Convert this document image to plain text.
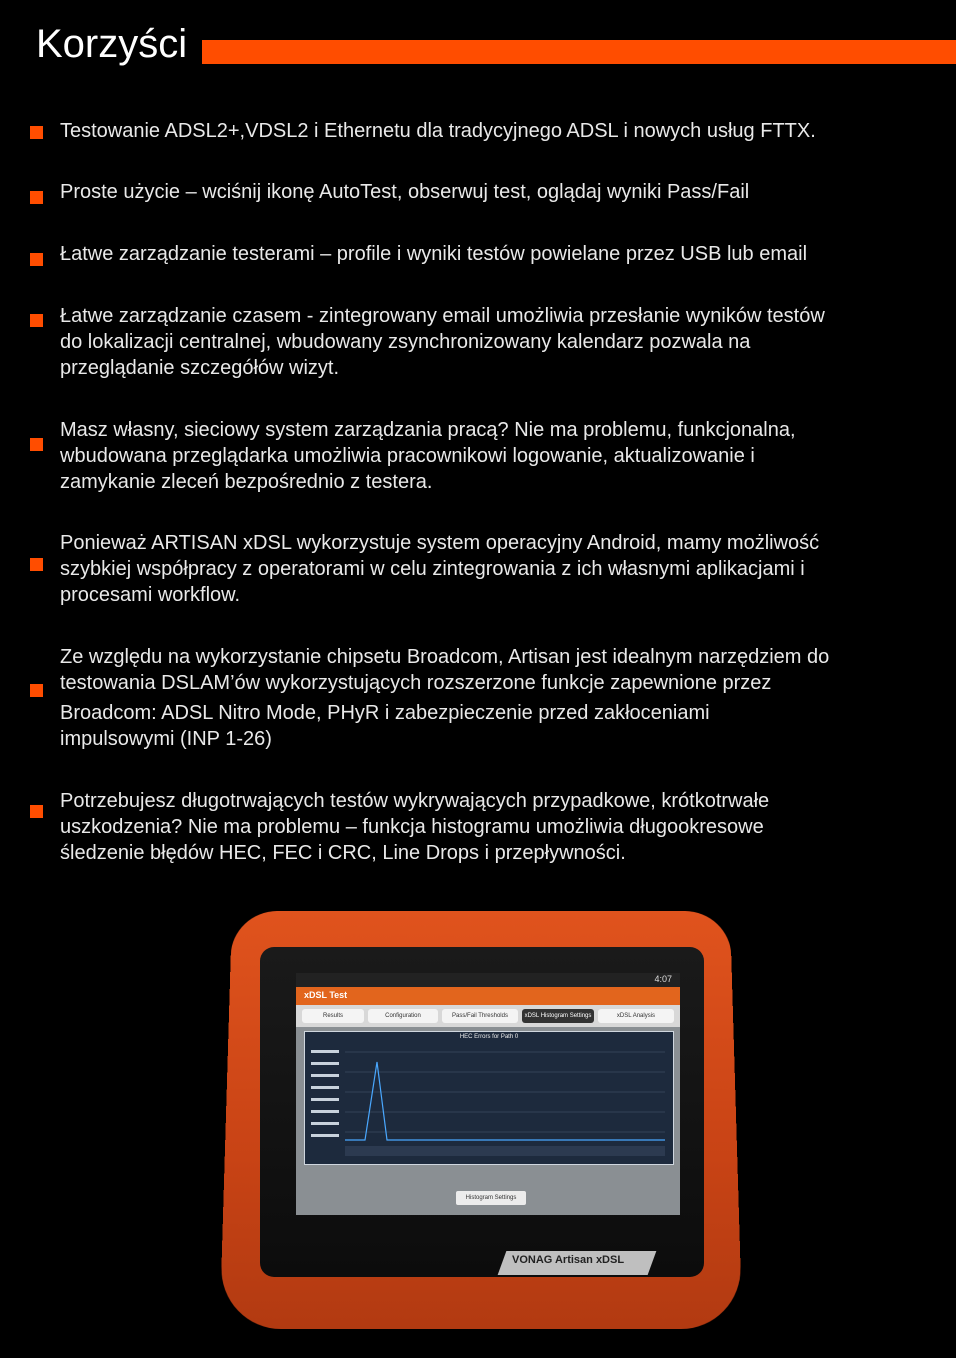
Korzyści
Testowanie ADSL2+,VDSL2 i Ethernetu dla tradycyjnego ADSL i nowych usług FTTX.
Proste użycie – wciśnij ikonę AutoTest, obserwuj test, oglądaj wyniki Pass/Fail
Łatwe zarządzanie testerami – profile i wyniki testów powielane przez USB lub email
Łatwe zarządzanie czasem - zintegrowany email umożliwia przesłanie wyników testów
do lokalizacji centralnej, wbudowany zsynchronizowany kalendarz pozwala na
przeglądanie szczegółów wizyt.
Masz własny, sieciowy system zarządzania pracą? Nie ma problemu, funkcjonalna,
wbudowana przeglądarka umożliwia pracownikowi logowanie, aktualizowanie i
zamykanie zleceń bezpośrednio z testera.
Ponieważ ARTISAN xDSL wykorzystuje system operacyjny Android, mamy możliwość
szybkiej współpracy z operatorami w celu zintegrowania z ich własnymi aplikacjami i
procesami workflow.
Ze względu na wykorzystanie chipsetu Broadcom, Artisan jest idealnym narzędziem do
testowania DSLAM’ów wykorzystujących rozszerzone funkcje zapewnione przez
Broadcom: ADSL Nitro Mode, PHyR i zabezpieczenie przed zakłoceniami
impulsowymi (INP 1-26)
Potrzebujesz długotrwających testów wykrywających przypadkowe, krótkotrwałe
uszkodzenia? Nie ma problemu – funkcja histogramu umożliwia długookresowe
śledzenie błędów HEC, FEC i CRC, Line Drops i przepływności.
4:07
xDSL Test
Results	Configuration	Pass/Fail Thresholds	xDSL Histogram Settings	xDSL Analysis
HEC Errors for Path 0
Histogram Settings
VONAG Artisan xDSL
